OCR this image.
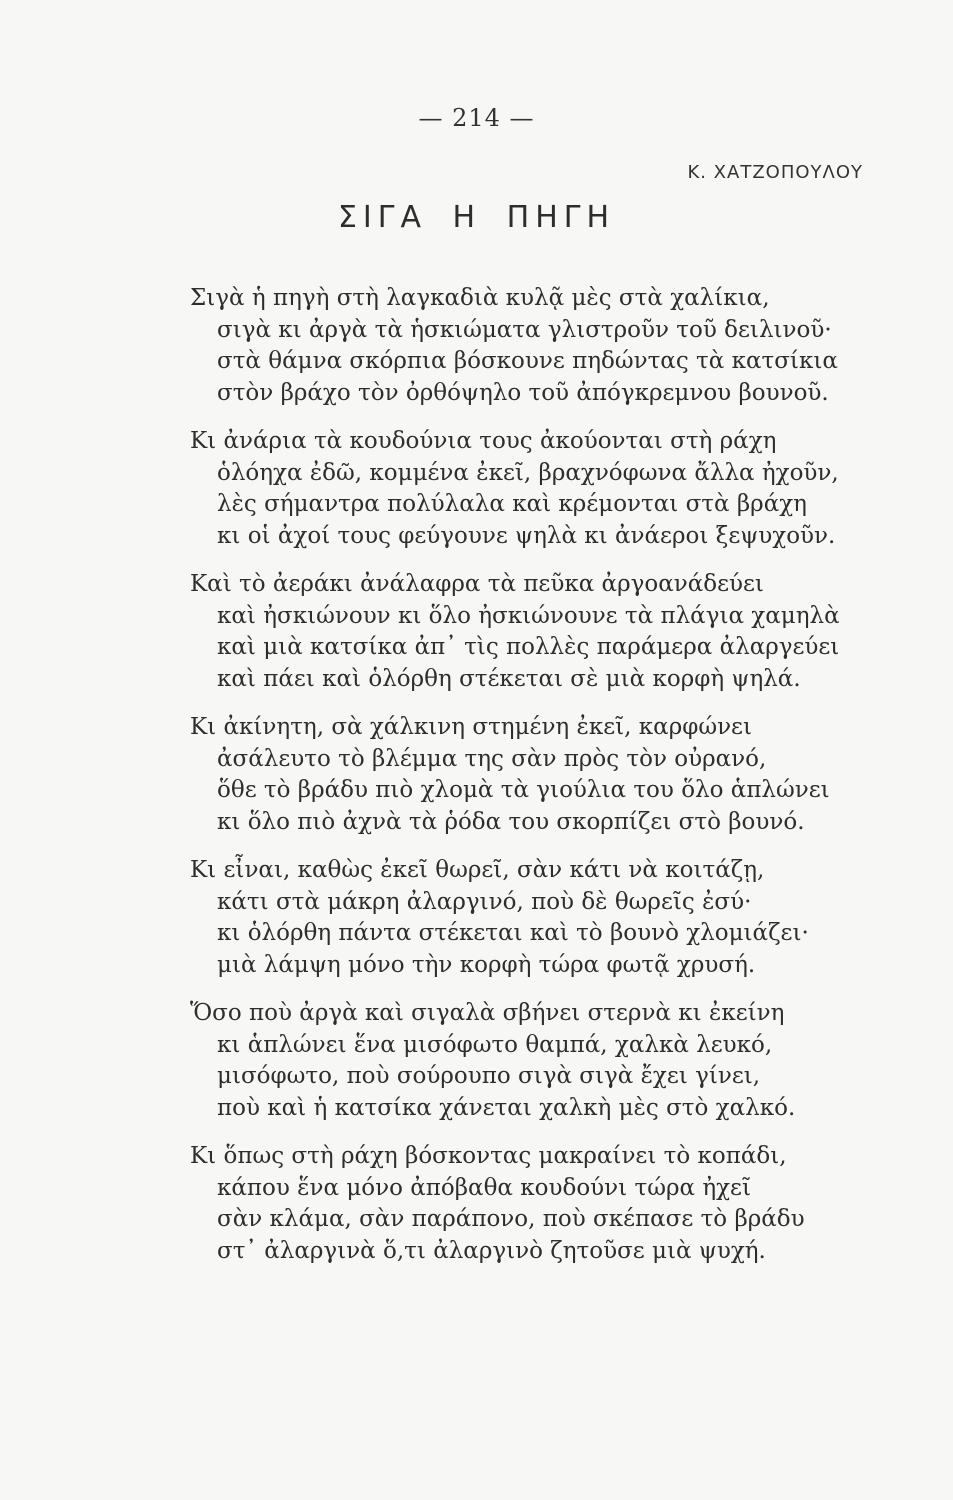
— 214 —
Κ. ΧΑΤΖΟΠΟΥΛΟΥ
ΣΙΓΑ Η ΠΗΓΗ
Σιγὰ ἡ πηγὴ στὴ λαγκαδιὰ κυλᾷ μὲς στὰ χαλίκια,
σιγὰ κι ἀργὰ τὰ ἡσκιώματα γλιστροῦν τοῦ δειλινοῦ·
στὰ θάμνα σκόρπια βόσκουνε πηδώντας τὰ κατσίκια
στὸν βράχο τὸν ὀρθόψηλο τοῦ ἀπόγκρεμνου βουνοῦ.
Κι ἀνάρια τὰ κουδούνια τους ἀκούονται στὴ ράχη
ὁλόηχα ἐδῶ, κομμένα ἐκεῖ, βραχνόφωνα ἄλλα ἠχοῦν,
λὲς σήμαντρα πολύλαλα καὶ κρέμονται στὰ βράχη
κι οἱ ἀχοί τους φεύγουνε ψηλὰ κι ἀνάεροι ξεψυχοῦν.
Καὶ τὸ ἀεράκι ἀνάλαφρα τὰ πεῦκα ἀργοανάδεύει
καὶ ἠσκιώνουν κι ὅλο ἠσκιώνουνε τὰ πλάγια χαμηλὰ
καὶ μιὰ κατσίκα ἀπ᾿ τὶς πολλὲς παράμερα ἀλαργεύει
καὶ πάει καὶ ὁλόρθη στέκεται σὲ μιὰ κορφὴ ψηλά.
Κι ἀκίνητη, σὰ χάλκινη στημένη ἐκεῖ, καρφώνει
ἀσάλευτο τὸ βλέμμα της σὰν πρὸς τὸν οὐρανό,
ὅθε τὸ βράδυ πιὸ χλομὰ τὰ γιούλια του ὅλο ἁπλώνει
κι ὅλο πιὸ ἀχνὰ τὰ ῥόδα του σκορπίζει στὸ βουνό.
Κι εἶναι, καθὼς ἐκεῖ θωρεῖ, σὰν κάτι νὰ κοιτάζῃ,
κάτι στὰ μάκρη ἀλαργινό, ποὺ δὲ θωρεῖς ἐσύ·
κι ὁλόρθη πάντα στέκεται καὶ τὸ βουνὸ χλομιάζει·
μιὰ λάμψη μόνο τὴν κορφὴ τώρα φωτᾷ χρυσή.
Ὅσο ποὺ ἀργὰ καὶ σιγαλὰ σβήνει στερνὰ κι ἐκείνη
κι ἁπλώνει ἕνα μισόφωτο θαμπά, χαλκὰ λευκό,
μισόφωτο, ποὺ σούρουπο σιγὰ σιγὰ ἔχει γίνει,
ποὺ καὶ ἡ κατσίκα χάνεται χαλκὴ μὲς στὸ χαλκό.
Κι ὅπως στὴ ράχη βόσκοντας μακραίνει τὸ κοπάδι,
κάπου ἕνα μόνο ἀπόβαθα κουδούνι τώρα ἠχεῖ
σὰν κλάμα, σὰν παράπονο, ποὺ σκέπασε τὸ βράδυ
στ᾿ ἀλαργινὰ ὅ,τι ἀλαργινὸ ζητοῦσε μιὰ ψυχή.
